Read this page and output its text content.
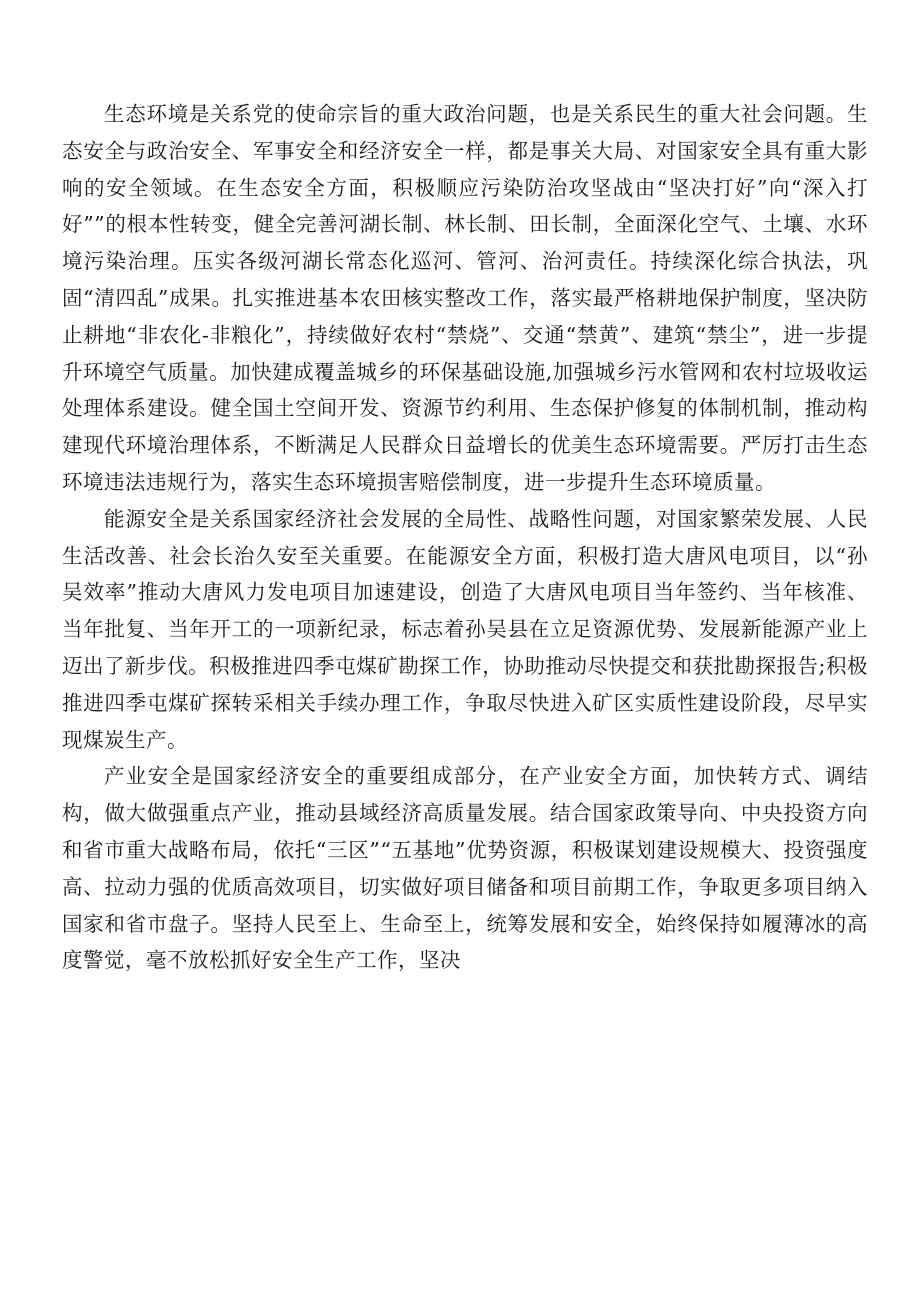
生态环境是关系党的使命宗旨的重大政治问题，也是关系民生的重大社会问题。生态安全与政治安全、军事安全和经济安全一样，都是事关大局、对国家安全具有重大影响的安全领域。在生态安全方面，积极顺应污染防治攻坚战由“坚决打好”向“深入打好””的根本性转变，健全完善河湖长制、林长制、田长制，全面深化空气、土壤、水环境污染治理。压实各级河湖长常态化巡河、管河、治河责任。持续深化综合执法，巩固“清四乱”成果。扎实推进基本农田核实整改工作，落实最严格耕地保护制度，坚决防止耕地“非农化-非粮化”，持续做好农村“禁烧”、交通“禁黄”、建筑“禁尘”，进一步提升环境空气质量。加快建成覆盖城乡的环保基础设施,加强城乡污水管网和农村垃圾收运处理体系建设。健全国土空间开发、资源节约利用、生态保护修复的体制机制，推动构建现代环境治理体系，不断满足人民群众日益增长的优美生态环境需要。严厉打击生态环境违法违规行为，落实生态环境损害赔偿制度，进一步提升生态环境质量。

能源安全是关系国家经济社会发展的全局性、战略性问题，对国家繁荣发展、人民生活改善、社会长治久安至关重要。在能源安全方面，积极打造大唐风电项目，以“孙吴效率”推动大唐风力发电项目加速建设，创造了大唐风电项目当年签约、当年核准、当年批复、当年开工的一项新纪录，标志着孙吴县在立足资源优势、发展新能源产业上迈出了新步伐。积极推进四季屯煤矿勘探工作，协助推动尽快提交和获批勘探报告;积极推进四季屯煤矿探转采相关手续办理工作，争取尽快进入矿区实质性建设阶段，尽早实现煤炭生产。

产业安全是国家经济安全的重要组成部分，在产业安全方面，加快转方式、调结构，做大做强重点产业，推动县域经济高质量发展。结合国家政策导向、中央投资方向和省市重大战略布局，依托“三区”“五基地”优势资源，积极谋划建设规模大、投资强度高、拉动力强的优质高效项目，切实做好项目储备和项目前期工作，争取更多项目纳入国家和省市盘子。坚持人民至上、生命至上，统筹发展和安全，始终保持如履薄冰的高度警觉，毫不放松抓好安全生产工作，坚决
